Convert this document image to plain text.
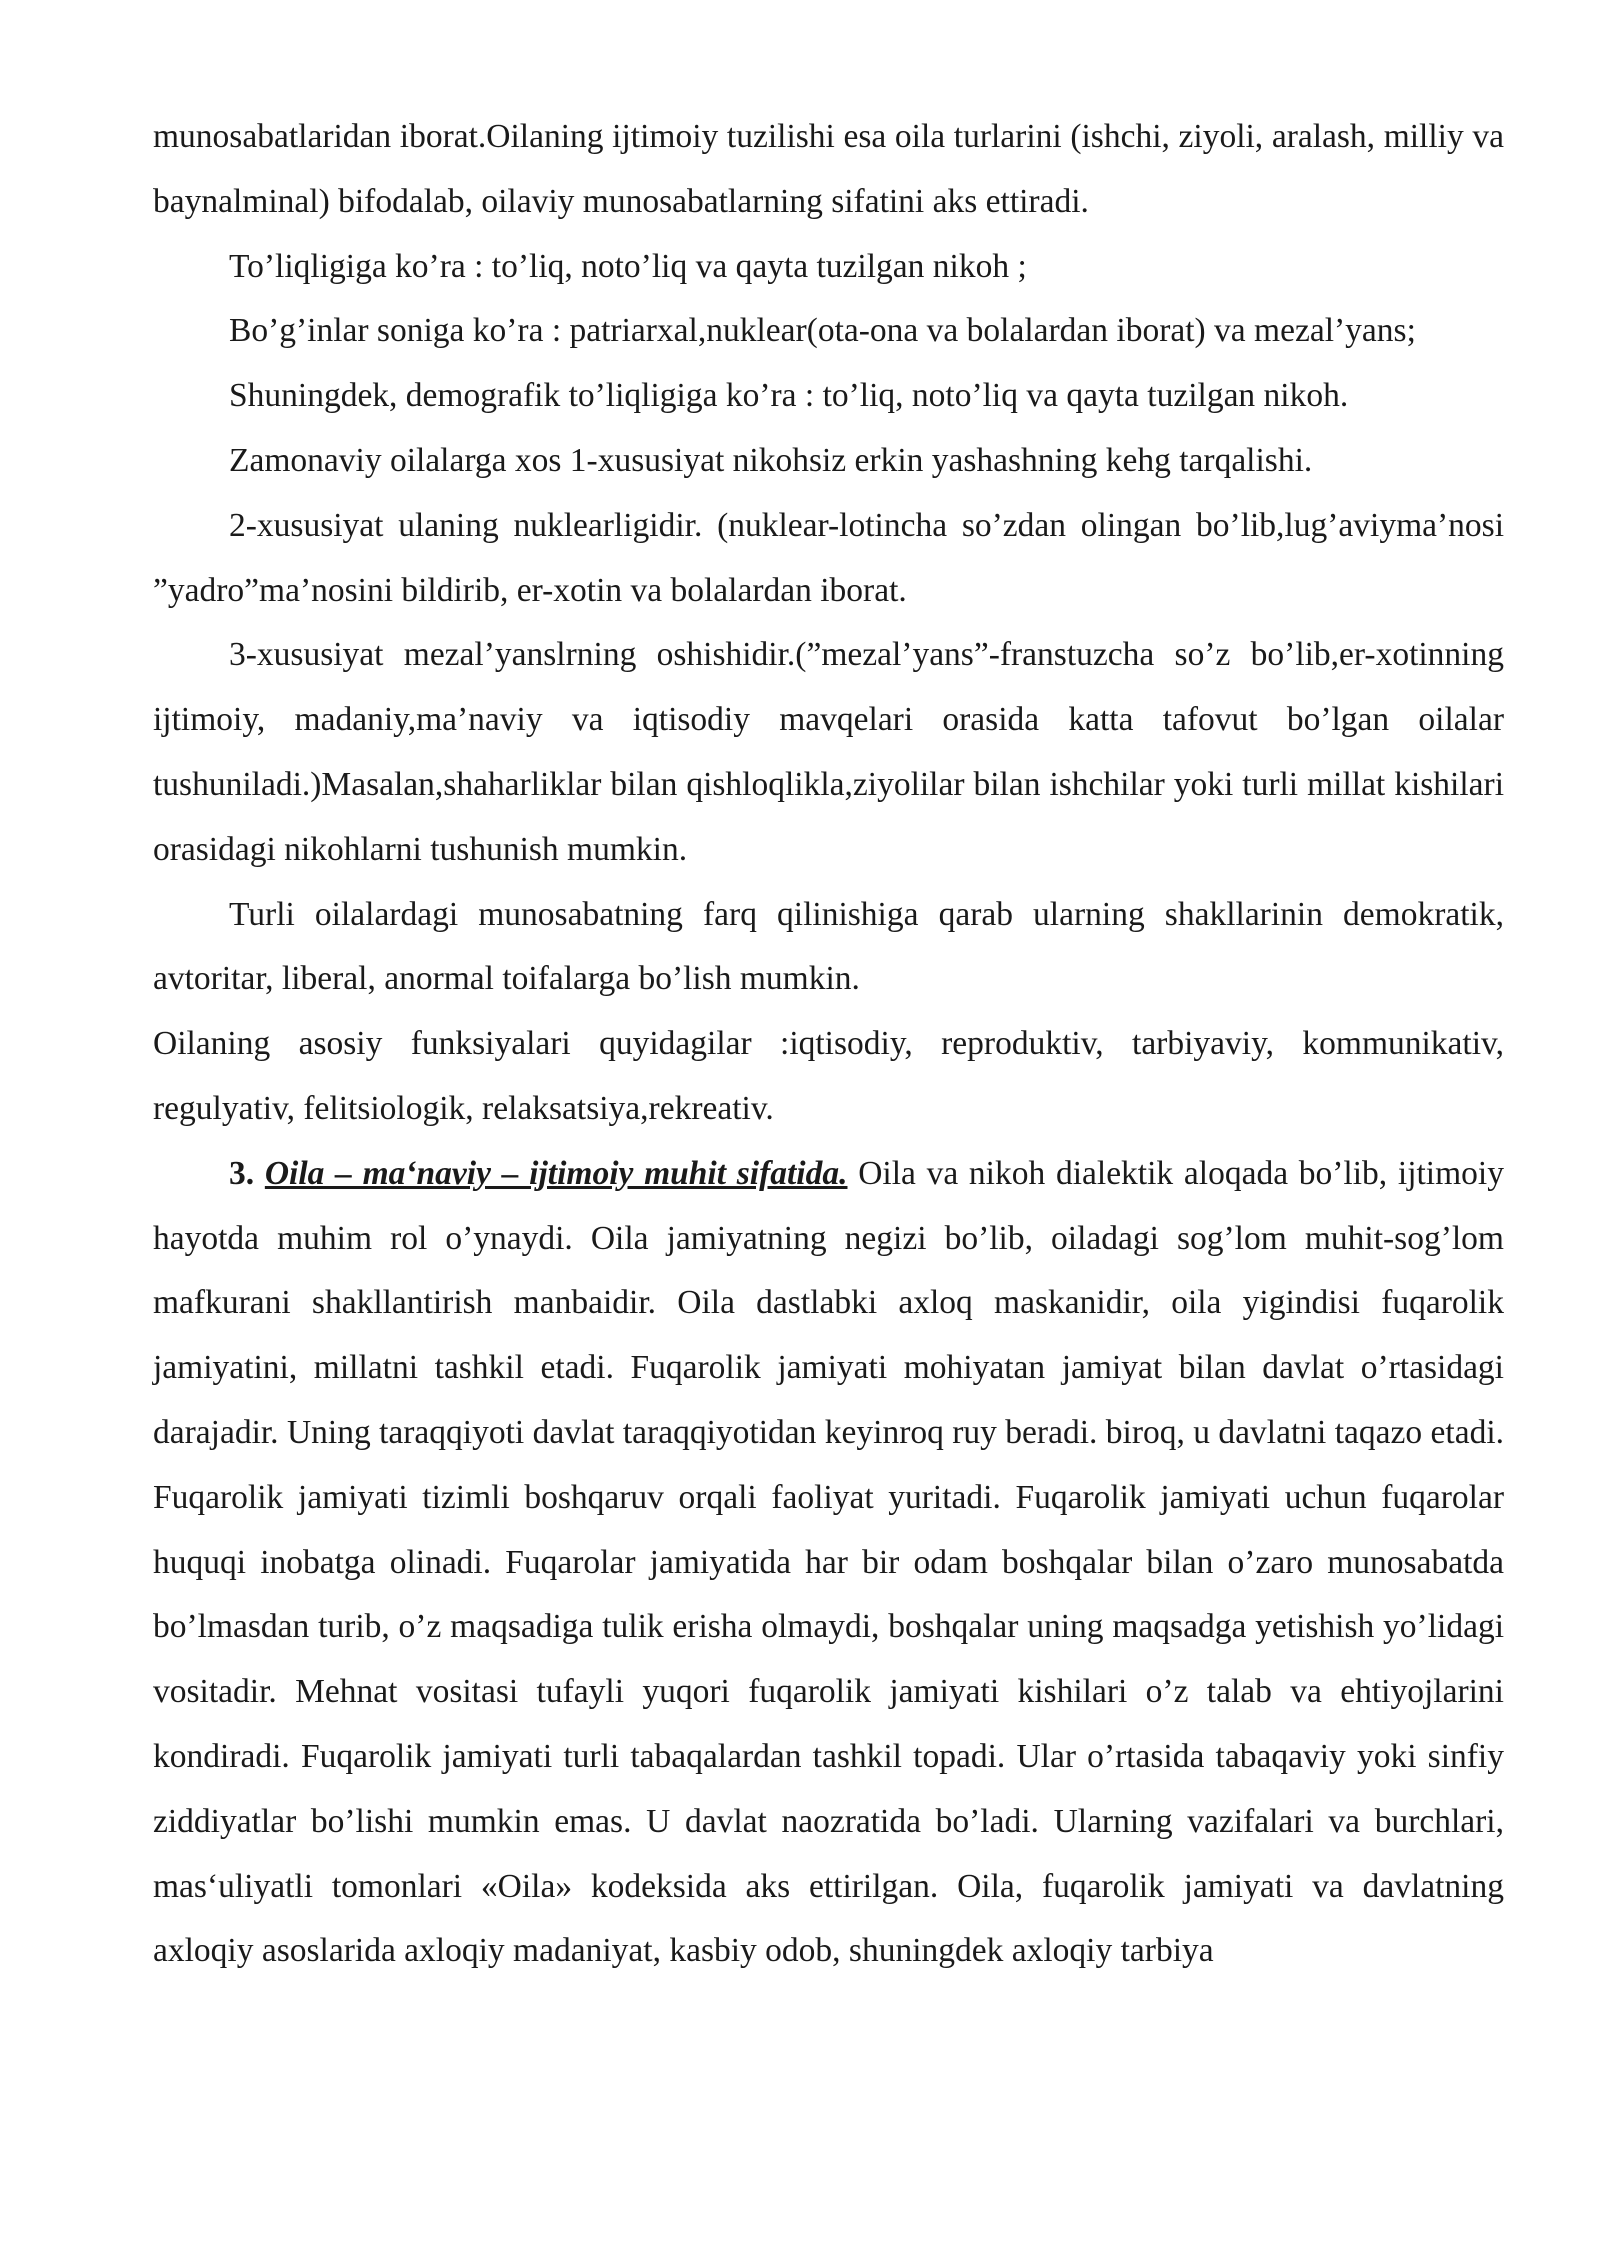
munosabatlaridan iborat.Oilaning ijtimoiy tuzilishi esa oila turlarini (ishchi, ziyoli, aralash, milliy va baynalminal) bifodalab, oilaviy munosabatlarning sifatini aks ettiradi.

To’liqligiga ko’ra : to’liq, noto’liq va qayta tuzilgan nikoh ;

Bo’g’inlar soniga ko’ra : patriarxal,nuklear(ota-ona va bolalardan iborat) va mezal’yans;

Shuningdek, demografik to’liqligiga ko’ra : to’liq, noto’liq va qayta tuzilgan nikoh.

Zamonaviy oilalarga xos 1-xususiyat nikohsiz erkin yashashning kehg tarqalishi.

2-xususiyat ulaning nuklearligidir. (nuklear-lotincha so’zdan olingan bo’lib,lug’aviyma’nosi ”yadro”ma’nosini bildirib, er-xotin va bolalardan iborat.

3-xususiyat mezal’yanslrning oshishidir.(”mezal’yans”-franstuzcha so’z bo’lib,er-xotinning ijtimoiy, madaniy,ma’naviy va iqtisodiy mavqelari orasida katta tafovut bo’lgan oilalar tushuniladi.)Masalan,shaharliklar bilan qishloqlikla,ziyolilar bilan ishchilar yoki turli millat kishilari orasidagi nikohlarni tushunish mumkin.

Turli oilalardagi munosabatning farq qilinishiga qarab ularning shakllarinin demokratik, avtoritar, liberal, anormal toifalarga bo’lish mumkin.

Oilaning asosiy funksiyalari quyidagilar :iqtisodiy, reproduktiv, tarbiyaviy, kommunikativ, regulyativ, felitsiologik, relaksatsiya,rekreativ.

3. Oila – ma‘naviy – ijtimoiy muhit sifatida. Oila va nikoh dialektik aloqada bo’lib, ijtimoiy hayotda muhim rol o’ynaydi. Oila jamiyatning negizi bo’lib, oiladagi sog’lom muhit-sog’lom mafkurani shakllantirish manbaidir. Oila dastlabki axloq maskanidir, oila yigindisi fuqarolik jamiyatini, millatni tashkil etadi. Fuqarolik jamiyati mohiyatan jamiyat bilan davlat o’rtasidagi darajadir. Uning taraqqiyoti davlat taraqqiyotidan keyinroq ruy beradi. biroq, u davlatni taqazo etadi. Fuqarolik jamiyati tizimli boshqaruv orqali faoliyat yuritadi. Fuqarolik jamiyati uchun fuqarolar huquqi inobatga olinadi. Fuqarolar jamiyatida har bir odam boshqalar bilan o’zaro munosabatda bo’lmasdan turib, o’z maqsadiga tulik erisha olmaydi, boshqalar uning maqsadga yetishish yo’lidagi vositadir. Mehnat vositasi tufayli yuqori fuqarolik jamiyati kishilari o’z talab va ehtiyojlarini kondiradi. Fuqarolik jamiyati turli tabaqalardan tashkil topadi. Ular o’rtasida tabaqaviy yoki sinfiy ziddiyatlar bo’lishi mumkin emas. U davlat naozratida bo’ladi. Ularning vazifalari va burchlari, mas‘uliyatli tomonlari «Oila» kodeksida aks ettirilgan. Oila, fuqarolik jamiyati va davlatning axloqiy asoslarida axloqiy madaniyat, kasbiy odob, shuningdek axloqiy tarbiya
